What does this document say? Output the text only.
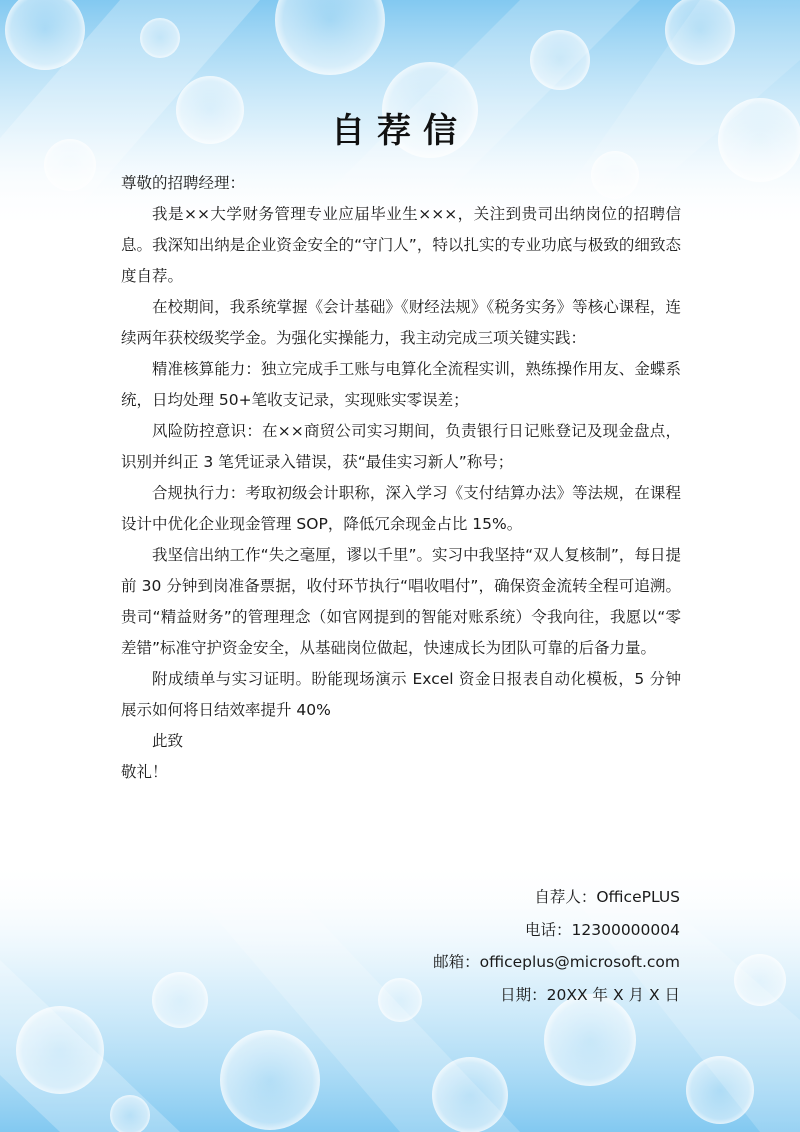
自荐信

尊敬的招聘经理：

我是××大学财务管理专业应届毕业生×××，关注到贵司出纳岗位的招聘信息。我深知出纳是企业资金安全的“守门人”，特以扎实的专业功底与极致的细致态度自荐。

在校期间，我系统掌握《会计基础》《财经法规》《税务实务》等核心课程，连续两年获校级奖学金。为强化实操能力，我主动完成三项关键实践：

精准核算能力：独立完成手工账与电算化全流程实训，熟练操作用友、金蝶系统，日均处理 50+笔收支记录，实现账实零误差；

风险防控意识：在××商贸公司实习期间，负责银行日记账登记及现金盘点，识别并纠正 3 笔凭证录入错误，获“最佳实习新人”称号；

合规执行力：考取初级会计职称，深入学习《支付结算办法》等法规，在课程设计中优化企业现金管理 SOP，降低冗余现金占比 15%。

我坚信出纳工作“失之毫厘，谬以千里”。实习中我坚持“双人复核制”，每日提前 30 分钟到岗准备票据，收付环节执行“唱收唱付”，确保资金流转全程可追溯。贵司“精益财务”的管理理念（如官网提到的智能对账系统）令我向往，我愿以“零差错”标准守护资金安全，从基础岗位做起，快速成长为团队可靠的后备力量。

附成绩单与实习证明。盼能现场演示 Excel 资金日报表自动化模板，5 分钟展示如何将日结效率提升 40%

此致

敬礼！

自荐人：OfficePLUS
电话：12300000004
邮箱：officeplus@microsoft.com
日期：20XX 年 X 月 X 日
